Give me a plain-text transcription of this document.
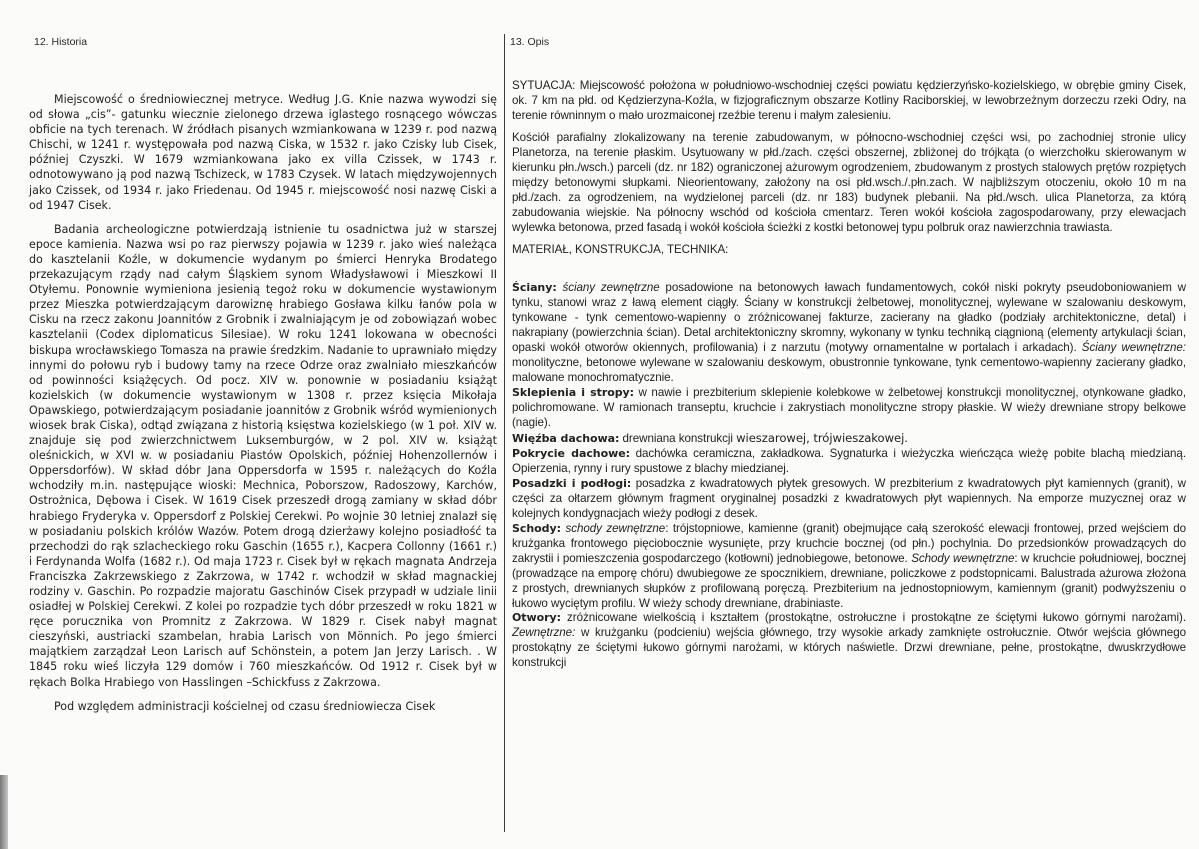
12. Historia	13. Opis

Miejscowość o średniowiecznej metryce. Według J.G. Knie nazwa wywodzi się od słowa „cis”- gatunku wiecznie zielonego drzewa iglastego rosnącego wówczas obficie na tych terenach. W źródłach pisanych wzmiankowana w 1239 r. pod nazwą Chischi, w 1241 r. występowała pod nazwą Ciska, w 1532 r. jako Czisky lub Cisek, później Czyszki. W 1679 wzmiankowana jako ex villa Czissek, w 1743 r. odnotowywano ją pod nazwą Tschizeck, w 1783 Czysek. W latach międzywojennych jako Czissek, od 1934 r. jako Friedenau. Od 1945 r. miejscowość nosi nazwę Ciski a od 1947 Cisek.

Badania archeologiczne potwierdzają istnienie tu osadnictwa już w starszej epoce kamienia. Nazwa wsi po raz pierwszy pojawia w 1239 r. jako wieś należąca do kasztelanii Koźle, w dokumencie wydanym po śmierci Henryka Brodatego przekazującym rządy nad całym Śląskiem synom Władysławowi i Mieszkowi II Otyłemu. Ponownie wymieniona jesienią tegoż roku w dokumencie wystawionym przez Mieszka potwierdzającym darowiznę hrabiego Gosława kilku łanów pola w Cisku na rzecz zakonu Joannitów z Grobnik i zwalniającym je od zobowiązań wobec kasztelanii (Codex diplomaticus Silesiae). W roku 1241 lokowana w obecności biskupa wrocławskiego Tomasza na prawie średzkim. Nadanie to uprawniało między innymi do połowu ryb i budowy tamy na rzece Odrze oraz zwalniało mieszkańców od powinności książęcych. Od pocz. XIV w. ponownie w posiadaniu książąt kozielskich (w dokumencie wystawionym w 1308 r. przez księcia Mikołaja Opawskiego, potwierdzającym posiadanie joannitów z Grobnik wśród wymienionych wiosek brak Ciska), odtąd związana z historią księstwa kozielskiego (w 1 poł. XIV w. znajduje się pod zwierzchnictwem Luksemburgów, w 2 pol. XIV w. książąt oleśnickich, w XVI w. w posiadaniu Piastów Opolskich, później Hohenzollernów i Oppersdorfów). W skład dóbr Jana Oppersdorfa w 1595 r. należących do Koźla wchodziły m.in. następujące wioski: Mechnica, Poborszow, Radoszowy, Karchów, Ostrożnica, Dębowa i Cisek. W 1619 Cisek przeszedł drogą zamiany w skład dóbr hrabiego Fryderyka v. Oppersdorf z Polskiej Cerekwi. Po wojnie 30 letniej znalazł się w posiadaniu polskich królów Wazów. Potem drogą dzierżawy kolejno posiadłość ta przechodzi do rąk szlacheckiego roku Gaschin (1655 r.), Kacpera Collonny (1661 r.) i Ferdynanda Wolfa (1682 r.). Od maja 1723 r. Cisek był w rękach magnata Andrzeja Franciszka Zakrzewskiego z Zakrzowa, w 1742 r. wchodził w skład magnackiej rodziny v. Gaschin. Po rozpadzie majoratu Gaschinów Cisek przypadł w udziale linii osiadłej w Polskiej Cerekwi. Z kolei po rozpadzie tych dóbr przeszedł w roku 1821 w ręce porucznika von Promnitz z Zakrzowa. W 1829 r. Cisek nabył magnat cieszyński, austriacki szambelan, hrabia Larisch von Mönnich. Po jego śmierci majątkiem zarządzał Leon Larisch auf Schönstein, a potem Jan Jerzy Larisch. . W 1845 roku wieś liczyła 129 domów i 760 mieszkańców. Od 1912 r. Cisek był w rękach Bolka Hrabiego von Hasslingen –Schickfuss z Zakrzowa.

Pod względem administracji kościelnej od czasu średniowiecza Cisek

SYTUACJA: Miejscowość położona w południowo-wschodniej części powiatu kędzierzyńsko-kozielskiego, w obrębie gminy Cisek, ok. 7 km na płd. od Kędzierzyna-Koźla, w fizjograficznym obszarze Kotliny Raciborskiej, w lewobrzeżnym dorzeczu rzeki Odry, na terenie równinnym o mało urozmaiconej rzeźbie terenu i małym zalesieniu.

Kościół parafialny zlokalizowany na terenie zabudowanym, w północno-wschodniej części wsi, po zachodniej stronie ulicy Planetorza, na terenie płaskim. Usytuowany w płd./zach. części obszernej, zbliżonej do trójkąta (o wierzchołku skierowanym w kierunku płn./wsch.) parceli (dz. nr 182) ograniczonej ażurowym ogrodzeniem, zbudowanym z prostych stalowych prętów rozpiętych między betonowymi słupkami. Nieorientowany, założony na osi płd.wsch./.płn.zach. W najbliższym otoczeniu, około 10 m na płd./zach. za ogrodzeniem, na wydzielonej parceli (dz. nr 183) budynek plebanii. Na płd./wsch. ulica Planetorza, za którą zabudowania wiejskie. Na północny wschód od kościoła cmentarz. Teren wokół kościoła zagospodarowany, przy elewacjach wylewka betonowa, przed fasadą i wokół kościoła ścieżki z kostki betonowej typu polbruk oraz nawierzchnia trawiasta.

MATERIAŁ, KONSTRUKCJA, TECHNIKA:

Ściany: ściany zewnętrzne posadowione na betonowych ławach fundamentowych, cokół niski pokryty pseudoboniowaniem w tynku, stanowi wraz z ławą element ciągły. Ściany w konstrukcji żelbetowej, monolitycznej, wylewane w szalowaniu deskowym, tynkowane - tynk cementowo-wapienny o zróżnicowanej fakturze, zacierany na gładko (podziały architektoniczne, detal) i nakrapiany (powierzchnia ścian). Detal architektoniczny skromny, wykonany w tynku techniką ciągnioną (elementy artykulacji ścian, opaski wokół otworów okiennych, profilowania) i z narzutu (motywy ornamentalne w portalach i arkadach). Ściany wewnętrzne: monolityczne, betonowe wylewane w szalowaniu deskowym, obustronnie tynkowane, tynk cementowo-wapienny zacierany gładko, malowane monochromatycznie.

Sklepienia i stropy: w nawie i prezbiterium sklepienie kolebkowe w żelbetowej konstrukcji monolitycznej, otynkowane gładko, polichromowane. W ramionach transeptu, kruchcie i zakrystiach monolityczne stropy płaskie. W wieży drewniane stropy belkowe (nagie).

Więźba dachowa: drewniana konstrukcji wieszarowej, trójwieszakowej.

Pokrycie dachowe: dachówka ceramiczna, zakładkowa. Sygnaturka i wieżyczka wieńcząca wieżę pobite blachą miedzianą. Opierzenia, rynny i rury spustowe z blachy miedzianej.

Posadzki i podłogi: posadzka z kwadratowych płytek gresowych. W prezbiterium z kwadratowych płyt kamiennych (granit), w części za ołtarzem głównym fragment oryginalnej posadzki z kwadratowych płyt wapiennych. Na emporze muzycznej oraz w kolejnych kondygnacjach wieży podłogi z desek.

Schody: schody zewnętrzne: trójstopniowe, kamienne (granit) obejmujące całą szerokość elewacji frontowej, przed wejściem do krużganka frontowego pięciobocznie wysunięte, przy kruchcie bocznej (od płn.) pochylnia. Do przedsionków prowadzących do zakrystii i pomieszczenia gospodarczego (kotłowni) jednobiegowe, betonowe. Schody wewnętrzne: w kruchcie południowej, bocznej (prowadzące na emporę chóru) dwubiegowe ze spocznikiem, drewniane, policzkowe z podstopnicami. Balustrada ażurowa złożona z prostych, drewnianych słupków z profilowaną poręczą. Prezbiterium na jednostopniowym, kamiennym (granit) podwyższeniu o łukowo wyciętym profilu. W wieży schody drewniane, drabiniaste.

Otwory: zróżnicowane wielkością i kształtem (prostokątne, ostrołuczne i prostokątne ze ściętymi łukowo górnymi narożami). Zewnętrzne: w krużganku (podcieniu) wejścia głównego, trzy wysokie arkady zamknięte ostrołucznie. Otwór wejścia głównego prostokątny ze ściętymi łukowo górnymi narożami, w których naświetle. Drzwi drewniane, pełne, prostokątne, dwuskrzydłowe konstrukcji
